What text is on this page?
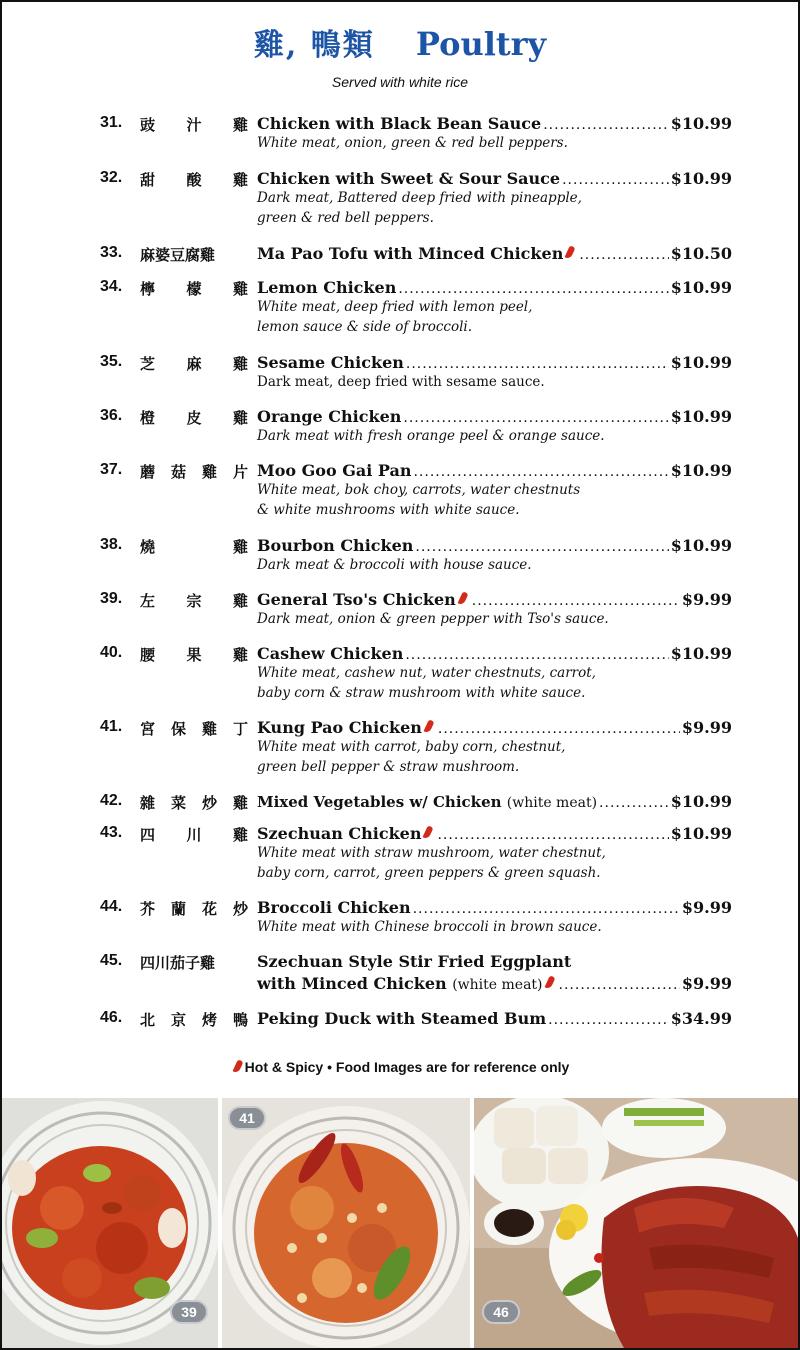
雞, 鴨類 Poultry
Served with white rice
31.	豉 汁 雞 Chicken with Black Bean Sauce .....	$10.99
White meat, onion, green & red bell peppers.
32.	甜 酸 雞 Chicken with Sweet & Sour Sauce .....	$10.99
Dark meat, Battered deep fried with pineapple,
green & red bell peppers.
33.	麻婆豆腐雞	Ma Pao Tofu with Minced Chicken .....	$10.50
34.	檸 檬 雞 Lemon Chicken .....	$10.99
White meat, deep fried with lemon peel,
lemon sauce & side of broccoli.
35.	芝 麻 雞 Sesame Chicken .....	$10.99
Dark meat, deep fried with sesame sauce.
36.	橙 皮 雞 Orange Chicken .....	$10.99
Dark meat with fresh orange peel & orange sauce.
37.	蘑 菇 雞 片 Moo Goo Gai Pan .....	$10.99
White meat, bok choy, carrots, water chestnuts
& white mushrooms with white sauce.
38.	燒	雞 Bourbon Chicken .....	$10.99
Dark meat & broccoli with house sauce.
39.	左 宗 雞 General Tso's Chicken .....	$9.99
Dark meat, onion & green pepper with Tso's sauce.
40.	腰 果 雞 Cashew Chicken .....	$10.99
White meat, cashew nut, water chestnuts, carrot,
baby corn & straw mushroom with white sauce.
41.	宮 保 雞 丁 Kung Pao Chicken .....	$9.99
White meat with carrot, baby corn, chestnut,
green bell pepper & straw mushroom.
42.	雜 菜 炒 雞 Mixed Vegetables w/ Chicken (white meat) .....	$10.99
43.	四 川 雞 Szechuan Chicken .....	$10.99
White meat with straw mushroom, water chestnut,
baby corn, carrot, green peppers & green squash.
44.	芥 蘭 花 炒 Broccoli Chicken .....	$9.99
White meat with Chinese broccoli in brown sauce.
45.	四川茄子雞	Szechuan Style Stir Fried Eggplant
with Minced Chicken (white meat) .....	$9.99
46.	北 京 烤 鴨 Peking Duck with Steamed Bum .....	$34.99
Hot & Spicy • Food Images are for reference only
39
41
46
